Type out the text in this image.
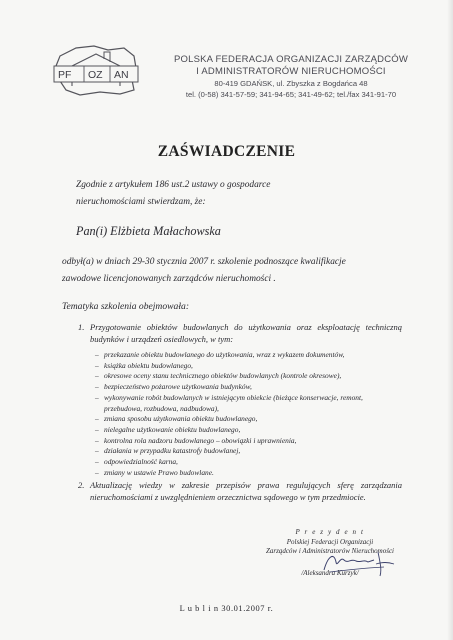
PF OZ AN
POLSKA FEDERACJA ORGANIZACJI ZARZĄDCÓW
I ADMINISTRATORÓW NIERUCHOMOŚCI
80-419 GDAŃSK, ul. Zbyszka z Bogdańca 48
tel. (0-58) 341-57-59; 341-94-65; 341-49-62; tel./fax 341-91-70
ZAŚWIADCZENIE
Zgodnie z artykułem 186 ust.2 ustawy o gospodarce
nieruchomościami stwierdzam, że:
Pan(i) Elżbieta Małachowska
odbył(a) w dniach 29-30 stycznia 2007 r. szkolenie podnoszące kwalifikacje
zawodowe licencjonowanych zarządców nieruchomości .
Tematyka szkolenia obejmowała:
1. Przygotowanie obiektów budowlanych do użytkowania oraz eksploatację techniczną budynków i urządzeń osiedlowych, w tym:
– przekazanie obiektu budowlanego do użytkowania, wraz z wykazem dokumentów,
– książka obiektu budowlanego,
– okresowe oceny stanu technicznego obiektów budowlanych (kontrole okresowe),
– bezpieczeństwo pożarowe użytkowania budynków,
– wykonywanie robót budowlanych w istniejącym obiekcie (bieżące konserwacje, remont, przebudowa, rozbudowa, nadbudowa),
– zmiana sposobu użytkowania obiektu budowlanego,
– nielegalne użytkowanie obiektu budowlanego,
– kontrolna rola nadzoru budowlanego – obowiązki i uprawnienia,
– działania w przypadku katastrofy budowlanej,
– odpowiedzialność karna,
– zmiany w ustawie Prawo budowlane.
2. Aktualizację wiedzy w zakresie przepisów prawa regulujących sferę zarządzania nieruchomościami z uwzględnieniem orzecznictwa sądowego w tym przedmiocie.
P r e z y d e n t
Polskiej Federacji Organizacji
Zarządców i Administratorów Nieruchomości
/Aleksandra Kurzyk/
L u b l i n 30.01.2007 r.
